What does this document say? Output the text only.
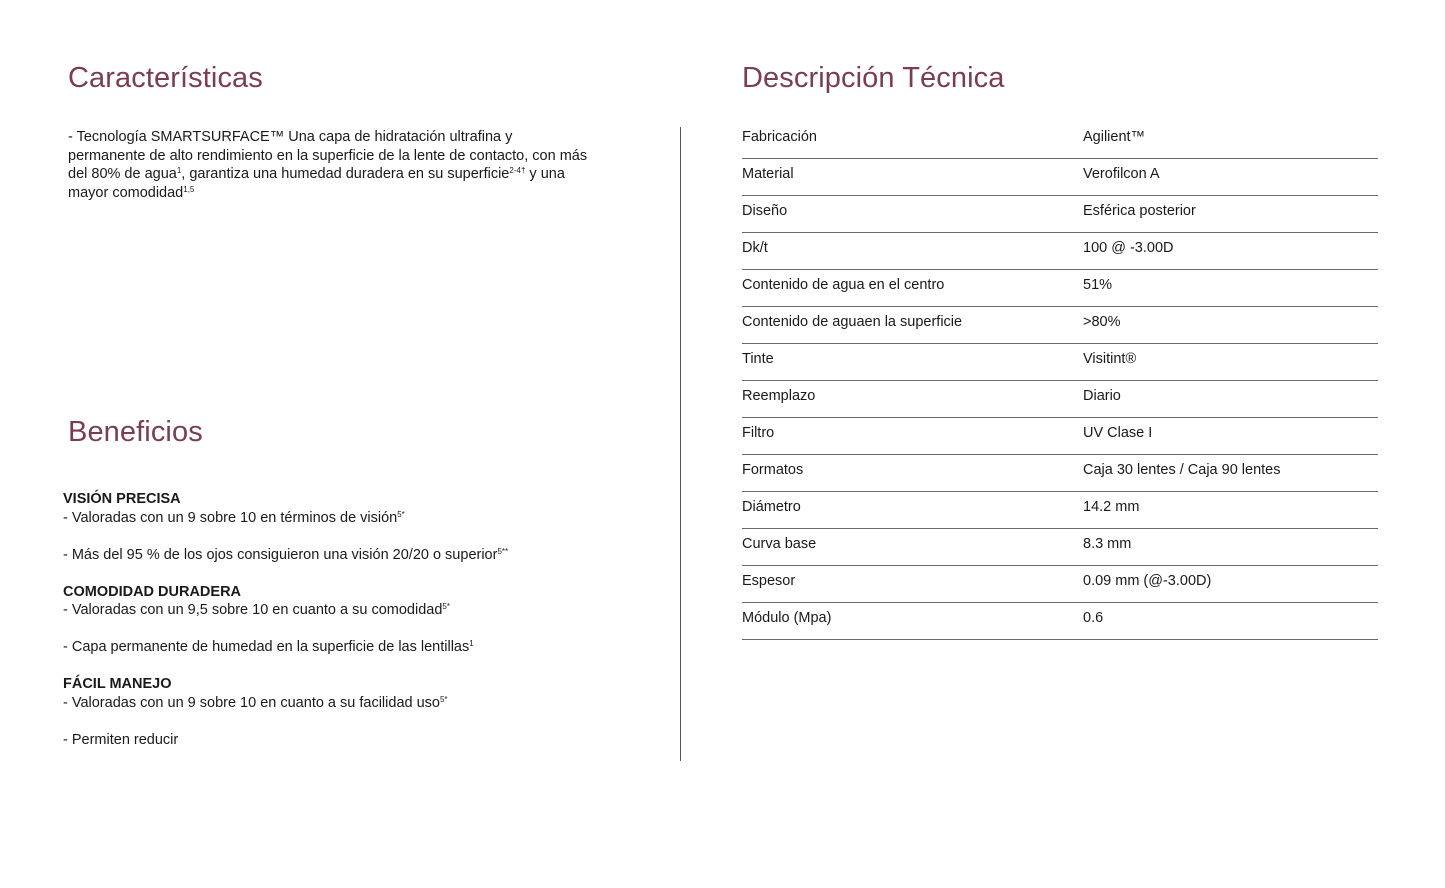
Características
- Tecnología SMARTSURFACE™ Una capa de hidratación ultrafina y permanente de alto rendimiento en la superficie de la lente de contacto, con más del 80% de agua$^1$, garantiza una humedad duradera en su superficie$^{2-4\dagger}$ y una mayor comodidad$^{1,5}$
Beneficios
VISIÓN PRECISA
- Valoradas con un 9 sobre 10 en términos de visión$^{5*}$
- Más del 95 % de los ojos consiguieron una visión 20/20 o superior$^{5**}$
COMODIDAD DURADERA
- Valoradas con un 9,5 sobre 10 en cuanto a su comodidad$^{5*}$
- Capa permanente de humedad en la superficie de las lentillas$^1$
FÁCIL MANEJO
- Valoradas con un 9 sobre 10 en cuanto a su facilidad uso$^{5*}$
- Permiten reducir
Descripción Técnica
Fabricación	Agilient™
Material	Verofilcon A
Diseño	Esférica posterior
Dk/t	100 @ -3.00D
Contenido de agua en el centro	51%
Contenido de aguaen la superficie	>80%
Tinte	Visitint®
Reemplazo	Diario
Filtro	UV Clase I
Formatos	Caja 30 lentes / Caja 90 lentes
Diámetro	14.2 mm
Curva base	8.3 mm
Espesor	0.09 mm (@-3.00D)
Módulo (Mpa)	0.6
